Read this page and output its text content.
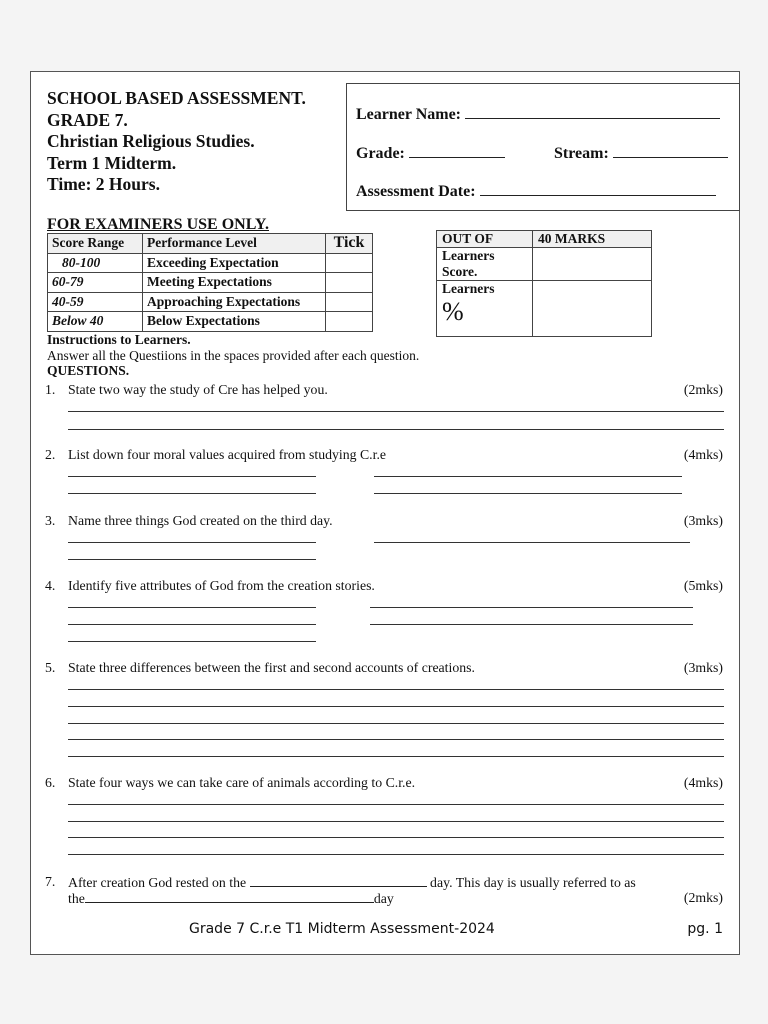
SCHOOL BASED ASSESSMENT.
GRADE 7.
Christian Religious Studies.
Term 1 Midterm.
Time: 2 Hours.
Learner Name:
Grade:	Stream:
Assessment Date:
FOR EXAMINERS USE ONLY.
Score Range	Performance Level	Tick
80-100	Exceeding Expectation	
60-79	Meeting Expectations	
40-59	Approaching Expectations	
Below 40	Below Expectations	
OUT OF	40 MARKS

Learners
Score.	

Learners
%	

Instructions to Learners.
Answer all the Questiions in the spaces provided after each question.
QUESTIONS.
1. State two way the study of Cre has helped you.	(2mks)
2. List down four moral values acquired from studying C.r.e	(4mks)
3. Name three things God created on the third day.	(3mks)
4. Identify five attributes of God from the creation stories.	(5mks)
5. State three differences between the first and second accounts of creations.	(3mks)
6. State four ways we can take care of animals according to C.r.e.	(4mks)
7. After creation God rested on the	day. This day is usually referred to as
the	day	(2mks)
Grade 7 C.r.e T1 Midterm Assessment-2024	pg. 1
